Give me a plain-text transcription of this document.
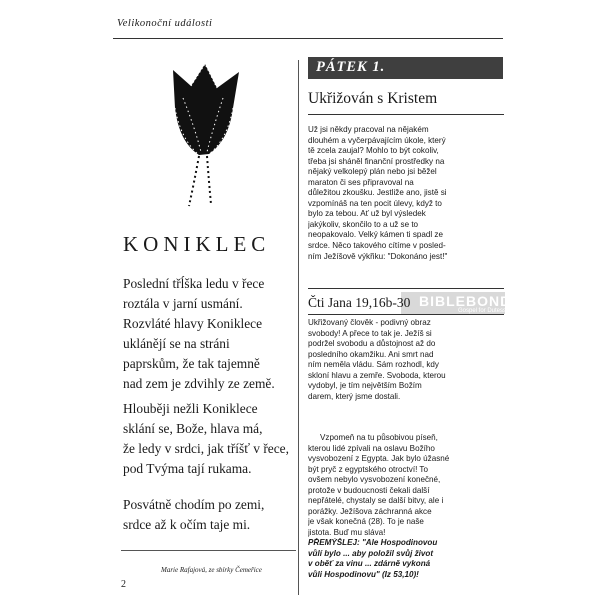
Velikonoční události
KONIKLEC
Poslední třĺška ledu v řece
roztála v jarní usmání.
Rozvláté hlavy Koniklece
uklánějí se na stráni
paprskům, že tak tajemně
nad zem je zdvihly ze země.
Hlouběji nežli Koniklece
sklání se, Bože, hlava má,
že ledy v srdci, jak tříšť v řece,
pod Tvýma tají rukama.
Posvátně chodím po zemi,
srdce až k očím taje mi.
Marie Rafajová, ze sbírky Čemeřice
2
PÁTEK 1.
Ukřižován s Kristem
Už jsi někdy pracoval na nějakém
dlouhém a vyčerpávajícím úkole, který
tě zcela zaujal? Mohlo to být cokoliv,
třeba jsi sháněl finanční prostředky na
nějaký velkolepý plán nebo jsi běžel
maraton či ses připravoval na
důležitou zkoušku. Jestliže ano, jistě si
vzpomínáš na ten pocit úlevy, když to
bylo za tebou. Ať už byl výsledek
jakýkoliv, skončilo to a už se to
neopakovalo. Velký kámen ti spadl ze
srdce. Něco takového cítíme v posled-
ním Ježíšově výkřiku: "Dokonáno jest!"
Čti Jana 19,16b-30 BIBLEBOND
Gospel for Dutesse
Ukřižovaný člověk - podivný obraz
svobody! A přece to tak je. Ježíš si
podržel svobodu a důstojnost až do
posledního okamžiku. Ani smrt nad
ním neměla vládu. Sám rozhodl, kdy
skloní hlavu a zemře. Svoboda, kterou
vydobyl, je tím největším Božím
darem, který jsme dostali.
Vzpomeň na tu působivou píseň,
kterou lidé zpívali na oslavu Božího
vysvobození z Egypta. Jak bylo úžasné
být pryč z egyptského otroctví! To
ovšem nebylo vysvobození konečné,
protože v budoucnosti čekali další
nepřátelé, chystaly se další bitvy, ale i
porážky. Ježíšova záchranná akce
je však konečná (28). To je naše
jistota. Buď mu sláva!
PŘEMÝŠLEJ: "Ale Hospodinovou
vůlí bylo ... aby položil svůj život
v oběť za vinu ... zdárně vykoná
vůli Hospodinovu" (Iz 53,10)!
